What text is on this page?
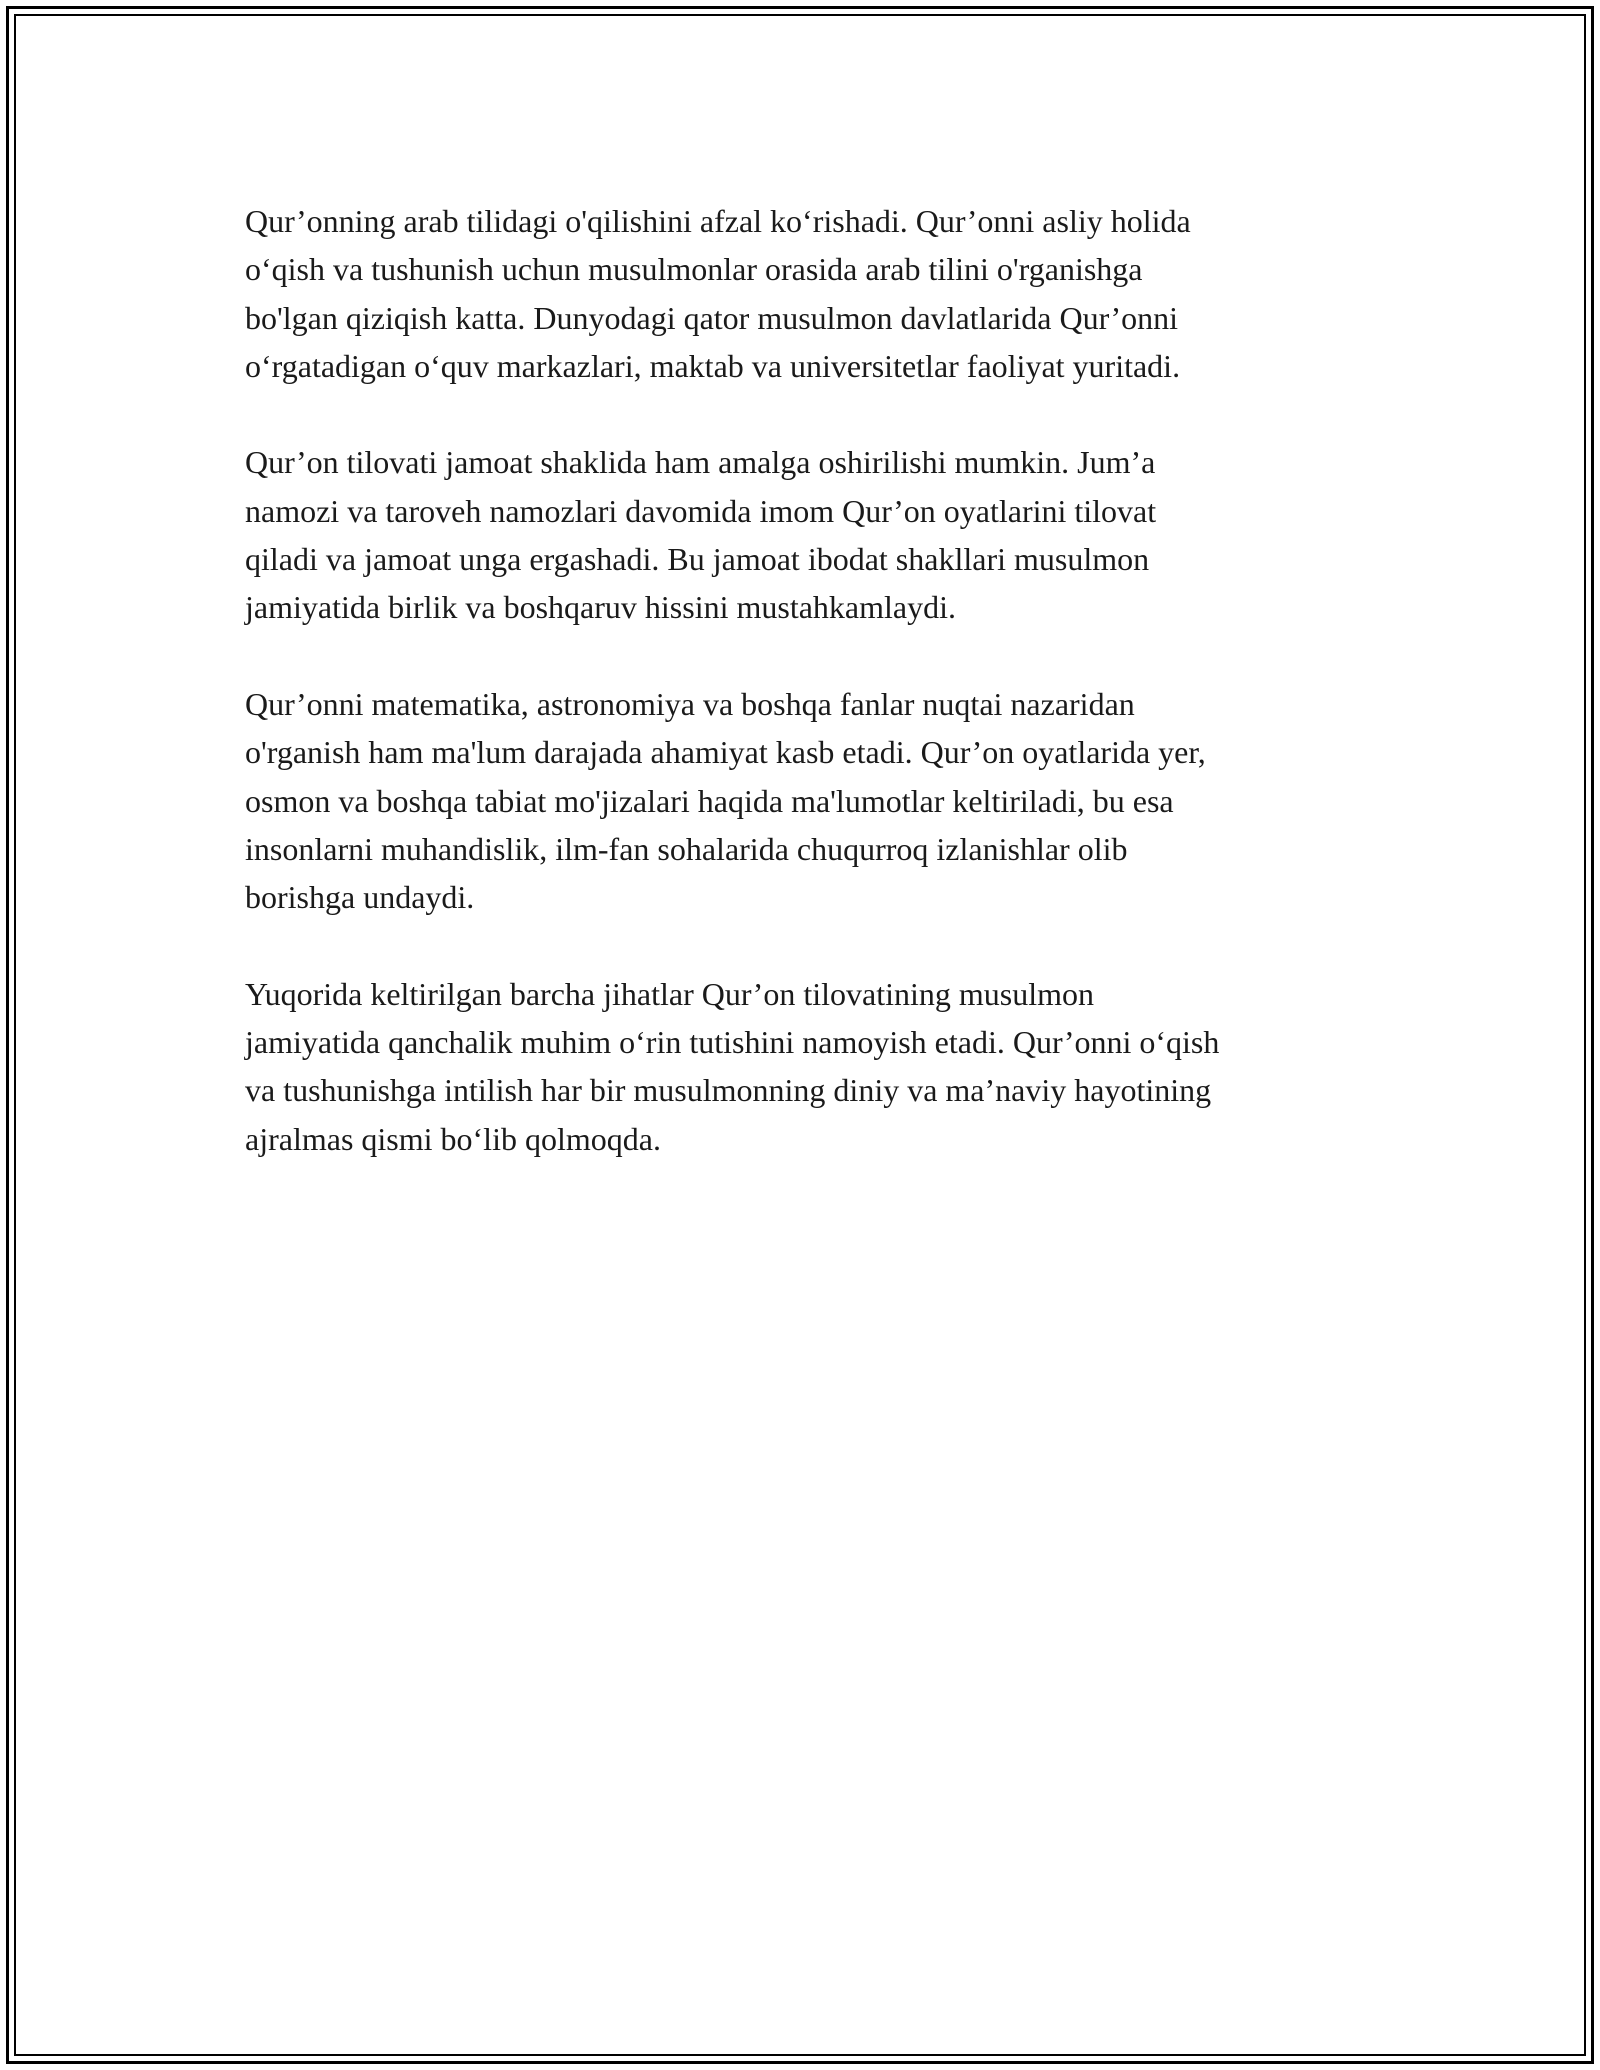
Qur’onning arab tilidagi o'qilishini afzal koʻrishadi. Qur’onni asliy holida
oʻqish va tushunish uchun musulmonlar orasida arab tilini o'rganishga
bo'lgan qiziqish katta. Dunyodagi qator musulmon davlatlarida Qur’onni
oʻrgatadigan oʻquv markazlari, maktab va universitetlar faoliyat yuritadi.

Qur’on tilovati jamoat shaklida ham amalga oshirilishi mumkin. Jum’a
namozi va taroveh namozlari davomida imom Qur’on oyatlarini tilovat
qiladi va jamoat unga ergashadi. Bu jamoat ibodat shakllari musulmon
jamiyatida birlik va boshqaruv hissini mustahkamlaydi.

Qur’onni matematika, astronomiya va boshqa fanlar nuqtai nazaridan
o'rganish ham ma'lum darajada ahamiyat kasb etadi. Qur’on oyatlarida yer,
osmon va boshqa tabiat mo'jizalari haqida ma'lumotlar keltiriladi, bu esa
insonlarni muhandislik, ilm-fan sohalarida chuqurroq izlanishlar olib
borishga undaydi.

Yuqorida keltirilgan barcha jihatlar Qur’on tilovatining musulmon
jamiyatida qanchalik muhim oʻrin tutishini namoyish etadi. Qur’onni oʻqish
va tushunishga intilish har bir musulmonning diniy va ma’naviy hayotining
ajralmas qismi boʻlib qolmoqda.
